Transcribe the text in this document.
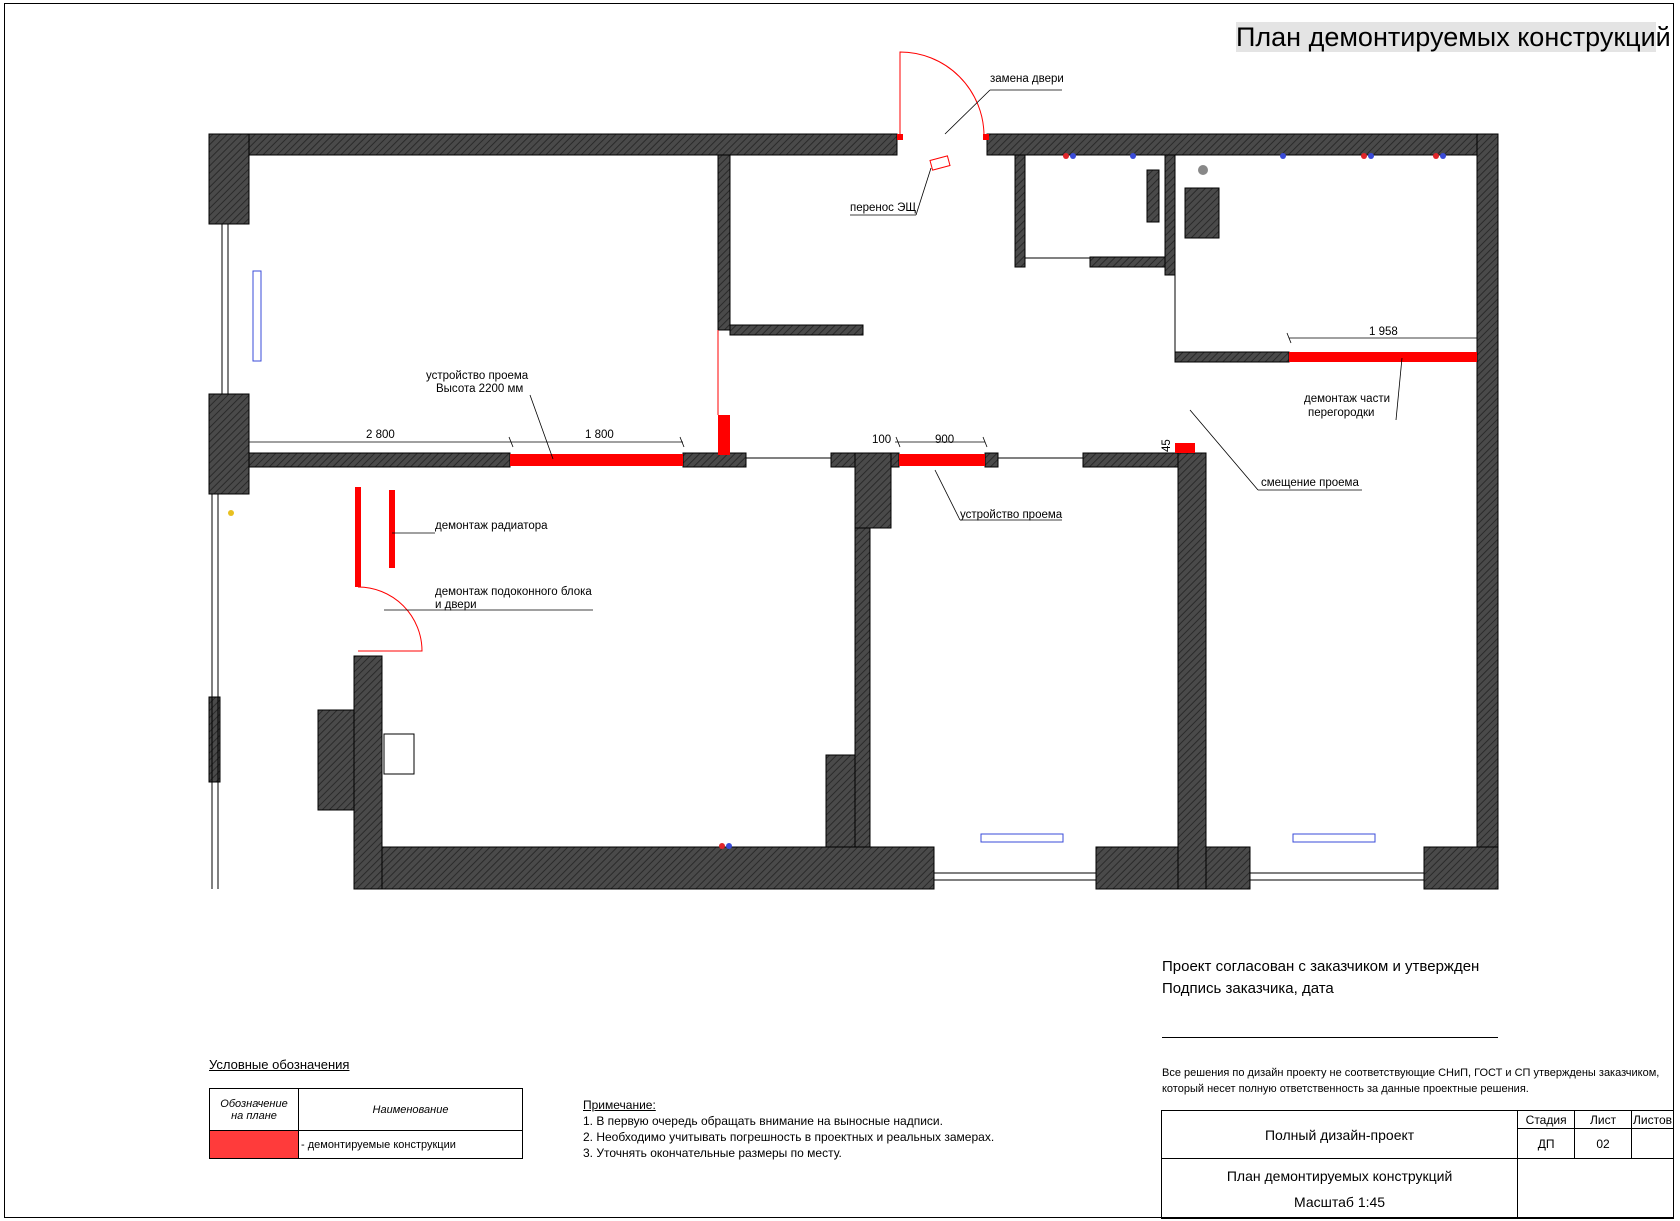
План демонтируемых конструкций
замена двери
перенос ЭЩ
устройство проема
Высота 2200 мм
2 800	1 800	100	900	45
1 958
демонтаж части
перегородки
смещение проема
устройство проема
демонтаж радиатора
демонтаж подоконного блока
и двери
Проект согласован с заказчиком и утвержден
Подпись заказчика, дата
Все решения по дизайн проекту не соответствующие СНиП, ГОСТ и СП утверждены заказчиком,
который несет полную ответственность за данные проектные решения.
Условные обозначения
Обозначение
на плане	Наименование
	- демонтируемые конструкции
Примечание:
1. В первую очередь обращать внимание на выносные надписи.
2. Необходимо учитывать погрешность в проектных и реальных замерах.
3. Уточнять окончательные размеры по месту.
Полный дизайн-проект	Стадия	Лист	Листов
	ДП	02	

План демонтируемых конструкций
Масштаб 1:45			
